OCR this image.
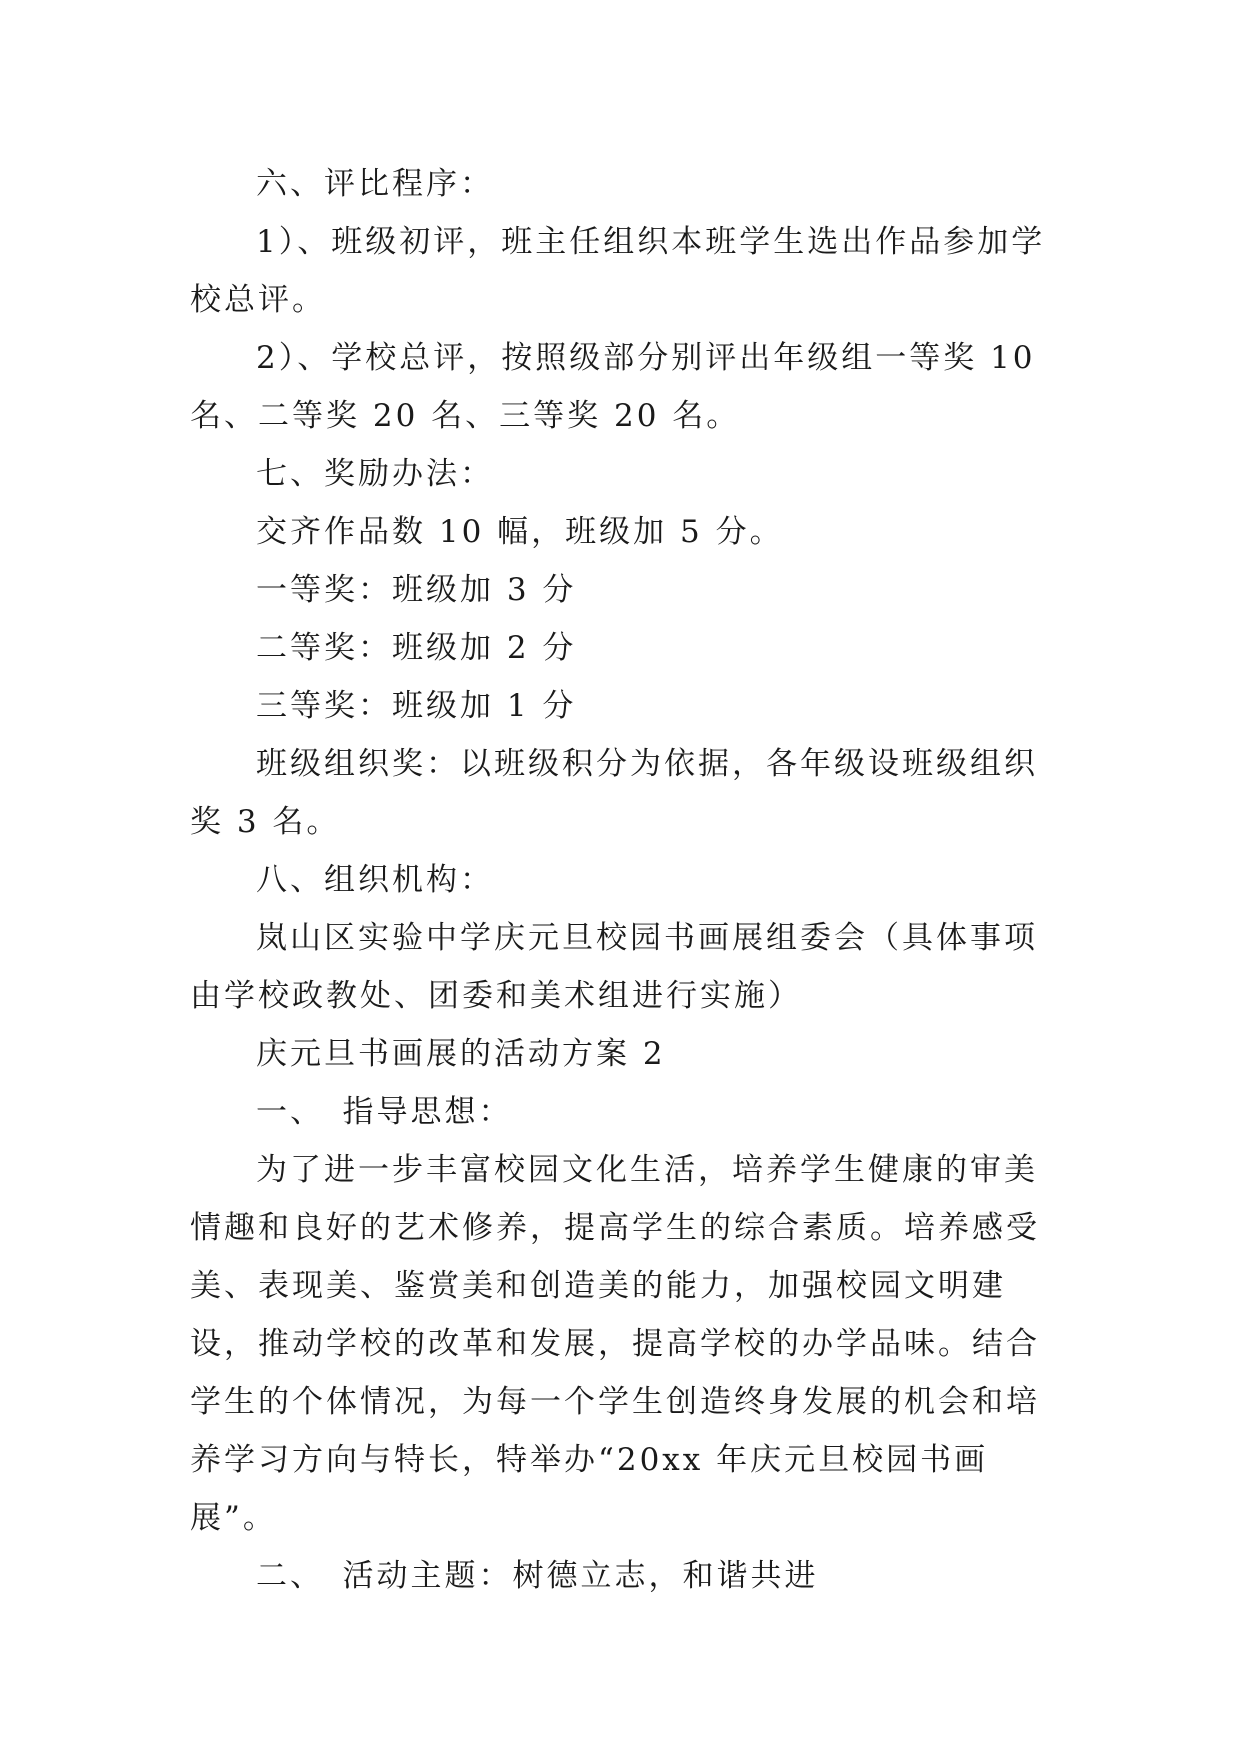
六、评比程序：

1）、班级初评，班主任组织本班学生选出作品参加学校总评。

2）、学校总评，按照级部分别评出年级组一等奖 10 名、二等奖 20 名、三等奖 20 名。

七、奖励办法：

交齐作品数 10 幅，班级加 5 分。

一等奖：班级加 3 分

二等奖：班级加 2 分

三等奖：班级加 1 分

班级组织奖：以班级积分为依据，各年级设班级组织奖 3 名。

八、组织机构：

岚山区实验中学庆元旦校园书画展组委会（具体事项由学校政教处、团委和美术组进行实施）

庆元旦书画展的活动方案 2

一、　指导思想：

为了进一步丰富校园文化生活，培养学生健康的审美情趣和良好的艺术修养，提高学生的综合素质。培养感受美、表现美、鉴赏美和创造美的能力，加强校园文明建设，推动学校的改革和发展，提高学校的办学品味。结合学生的个体情况，为每一个学生创造终身发展的机会和培养学习方向与特长，特举办“20xx 年庆元旦校园书画展”。

二、　活动主题：树德立志，和谐共进
